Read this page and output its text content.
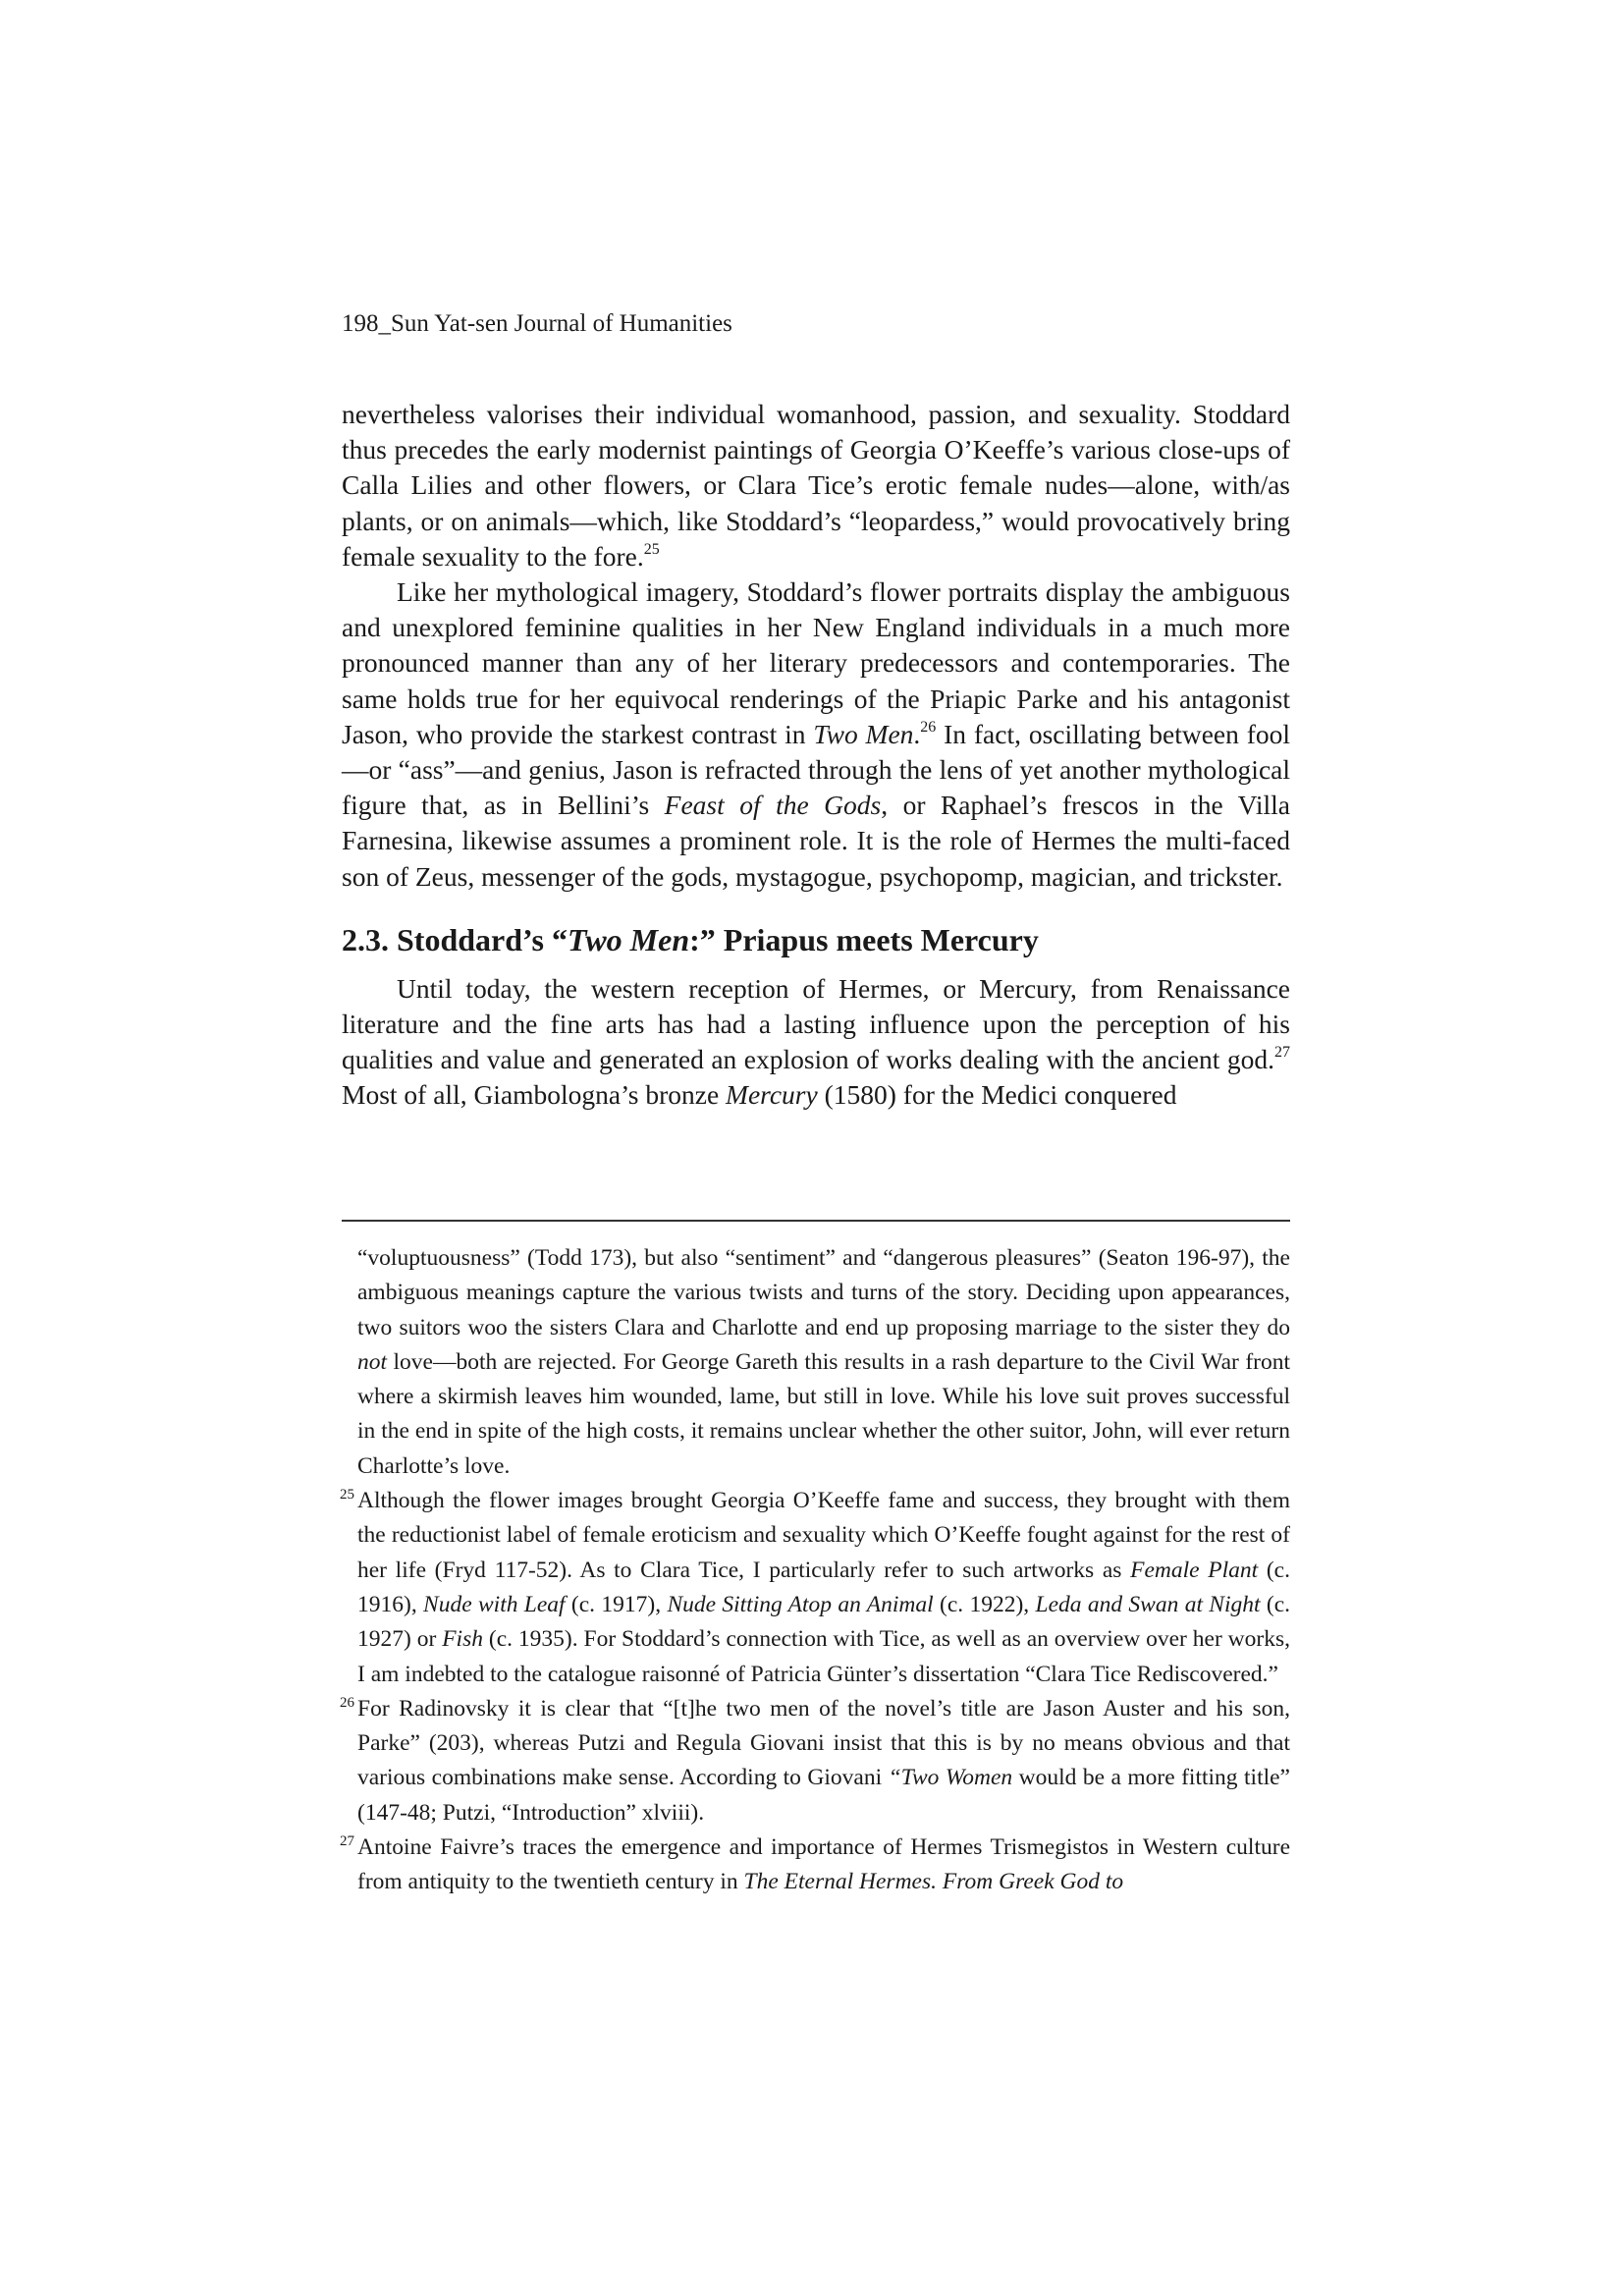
198_Sun Yat-sen Journal of Humanities

nevertheless valorises their individual womanhood, passion, and sexuality. Stoddard thus precedes the early modernist paintings of Georgia O’Keeffe’s various close-ups of Calla Lilies and other flowers, or Clara Tice’s erotic female nudes—alone, with/as plants, or on animals—which, like Stoddard’s “leopardess,” would provocatively bring female sexuality to the fore.$^{25}$

Like her mythological imagery, Stoddard’s flower portraits display the ambiguous and unexplored feminine qualities in her New England individuals in a much more pronounced manner than any of her literary predecessors and contemporaries. The same holds true for her equivocal renderings of the Priapic Parke and his antagonist Jason, who provide the starkest contrast in Two Men.$^{26}$ In fact, oscillating between fool—or “ass”—and genius, Jason is refracted through the lens of yet another mythological figure that, as in Bellini’s Feast of the Gods, or Raphael’s frescos in the Villa Farnesina, likewise assumes a prominent role. It is the role of Hermes the multi-faced son of Zeus, messenger of the gods, mystagogue, psychopomp, magician, and trickster.

2.3. Stoddard’s “Two Men:” Priapus meets Mercury

Until today, the western reception of Hermes, or Mercury, from Renaissance literature and the fine arts has had a lasting influence upon the perception of his qualities and value and generated an explosion of works dealing with the ancient god.$^{27}$ Most of all, Giambologna’s bronze Mercury (1580) for the Medici conquered

“voluptuousness” (Todd 173), but also “sentiment” and “dangerous pleasures” (Seaton 196-97), the ambiguous meanings capture the various twists and turns of the story. Deciding upon appearances, two suitors woo the sisters Clara and Charlotte and end up proposing marriage to the sister they do not love—both are rejected. For George Gareth this results in a rash departure to the Civil War front where a skirmish leaves him wounded, lame, but still in love. While his love suit proves successful in the end in spite of the high costs, it remains unclear whether the other suitor, John, will ever return Charlotte’s love.

25 Although the flower images brought Georgia O’Keeffe fame and success, they brought with them the reductionist label of female eroticism and sexuality which O’Keeffe fought against for the rest of her life (Fryd 117-52). As to Clara Tice, I particularly refer to such artworks as Female Plant (c. 1916), Nude with Leaf (c. 1917), Nude Sitting Atop an Animal (c. 1922), Leda and Swan at Night (c. 1927) or Fish (c. 1935). For Stoddard’s connection with Tice, as well as an overview over her works, I am indebted to the catalogue raisonné of Patricia Günter’s dissertation “Clara Tice Rediscovered.”

26 For Radinovsky it is clear that “[t]he two men of the novel’s title are Jason Auster and his son, Parke” (203), whereas Putzi and Regula Giovani insist that this is by no means obvious and that various combinations make sense. According to Giovani “Two Women would be a more fitting title” (147-48; Putzi, “Introduction” xlviii).

27 Antoine Faivre’s traces the emergence and importance of Hermes Trismegistos in Western culture from antiquity to the twentieth century in The Eternal Hermes. From Greek God to
